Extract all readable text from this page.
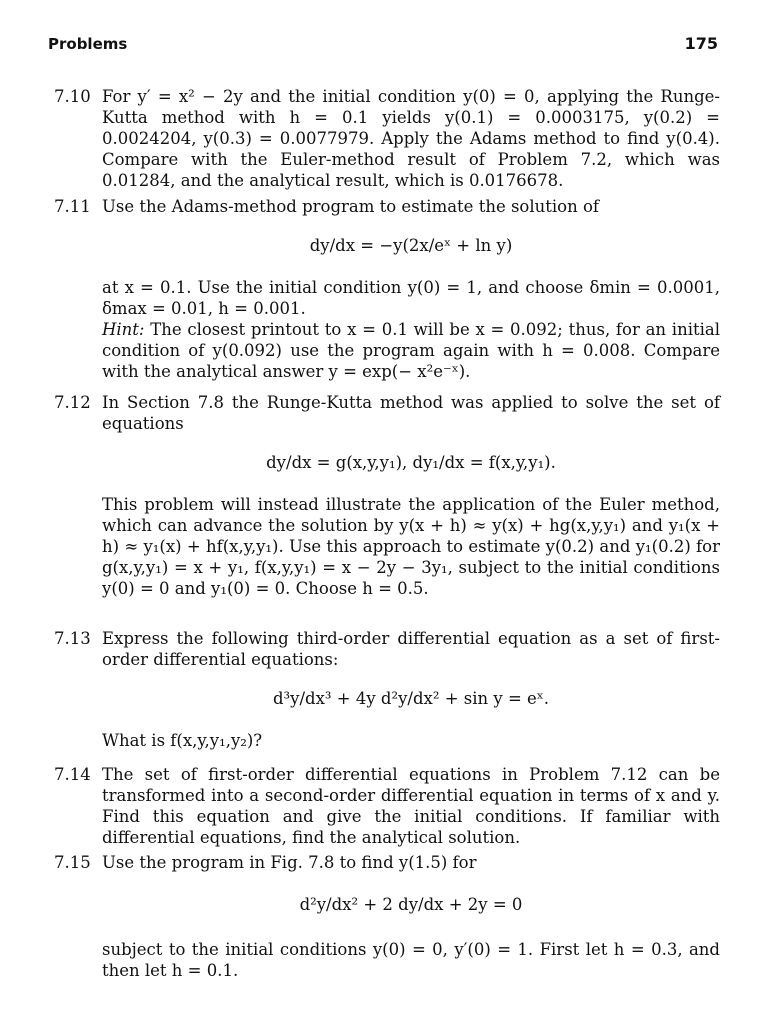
Problems	175
7.10 For y′ = x² − 2y and the initial condition y(0) = 0, applying the Runge-Kutta method with h = 0.1 yields y(0.1) = 0.0003175, y(0.2) = 0.0024204, y(0.3) = 0.0077979. Apply the Adams method to find y(0.4). Compare with the Euler-method result of Problem 7.2, which was 0.01284, and the analytical result, which is 0.0176678.

7.11 Use the Adams-method program to estimate the solution of

dy/dx = −y(2x/eˣ + ln y)

at x = 0.1. Use the initial condition y(0) = 1, and choose δmin = 0.0001, δmax = 0.01, h = 0.001.

Hint: The closest printout to x = 0.1 will be x = 0.092; thus, for an initial condition of y(0.092) use the program again with h = 0.008. Compare with the analytical answer y = exp(− x²e⁻ˣ).

7.12 In Section 7.8 the Runge-Kutta method was applied to solve the set of equations

dy/dx = g(x,y,y₁), dy₁/dx = f(x,y,y₁).

This problem will instead illustrate the application of the Euler method, which can advance the solution by y(x + h) ≈ y(x) + hg(x,y,y₁) and y₁(x + h) ≈ y₁(x) + hf(x,y,y₁). Use this approach to estimate y(0.2) and y₁(0.2) for g(x,y,y₁) = x + y₁, f(x,y,y₁) = x − 2y − 3y₁, subject to the initial conditions y(0) = 0 and y₁(0) = 0. Choose h = 0.5.

7.13 Express the following third-order differential equation as a set of first-order differential equations:

d³y/dx³ + 4y d²y/dx² + sin y = eˣ.

What is f(x,y,y₁,y₂)?

7.14 The set of first-order differential equations in Problem 7.12 can be transformed into a second-order differential equation in terms of x and y. Find this equation and give the initial conditions. If familiar with differential equations, find the analytical solution.

7.15 Use the program in Fig. 7.8 to find y(1.5) for

d²y/dx² + 2 dy/dx + 2y = 0

subject to the initial conditions y(0) = 0, y′(0) = 1. First let h = 0.3, and then let h = 0.1.
